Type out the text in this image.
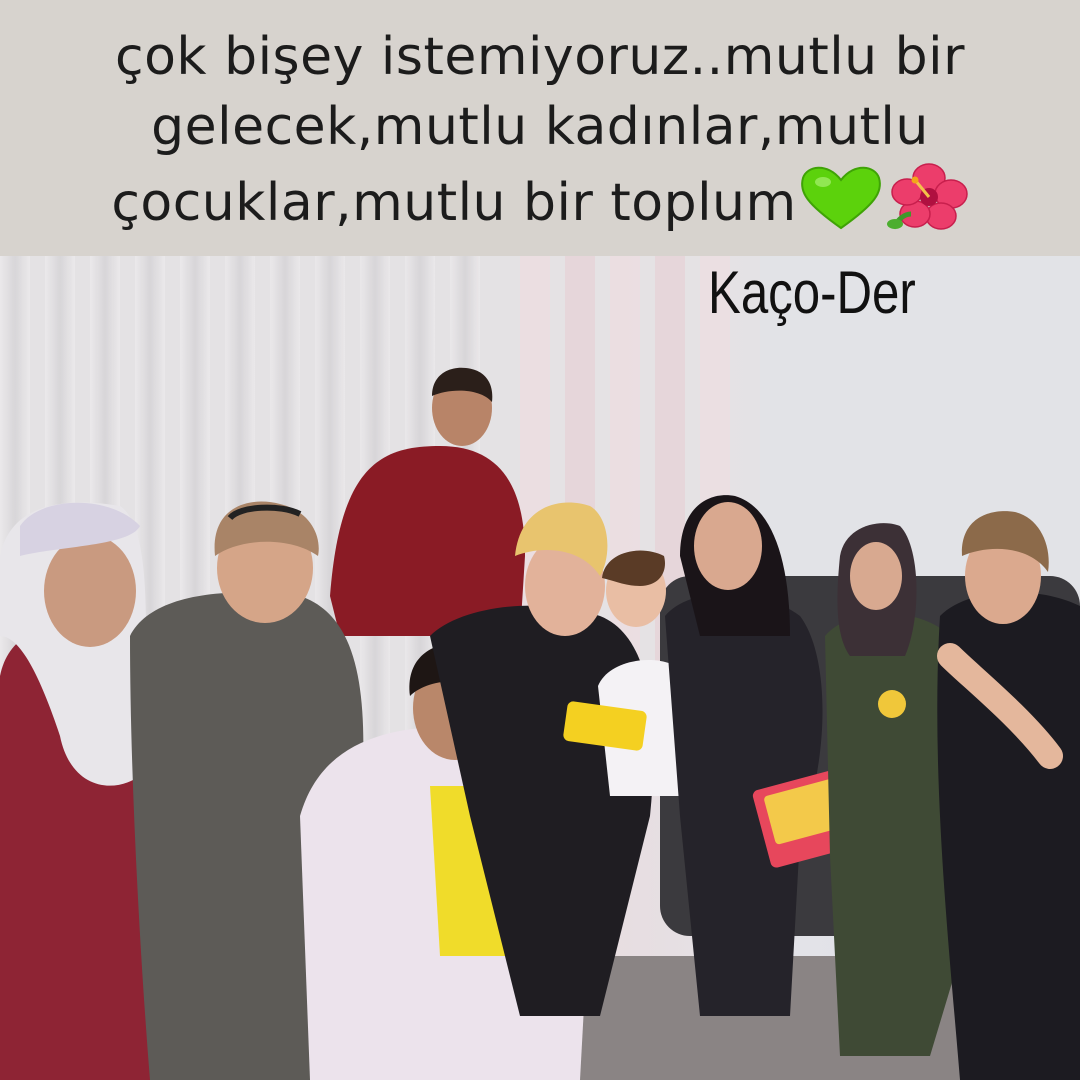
çok bişey istemiyoruz..mutlu bir
gelecek,mutlu kadınlar,mutlu
çocuklar,mutlu bir toplum

Kaço-Der
